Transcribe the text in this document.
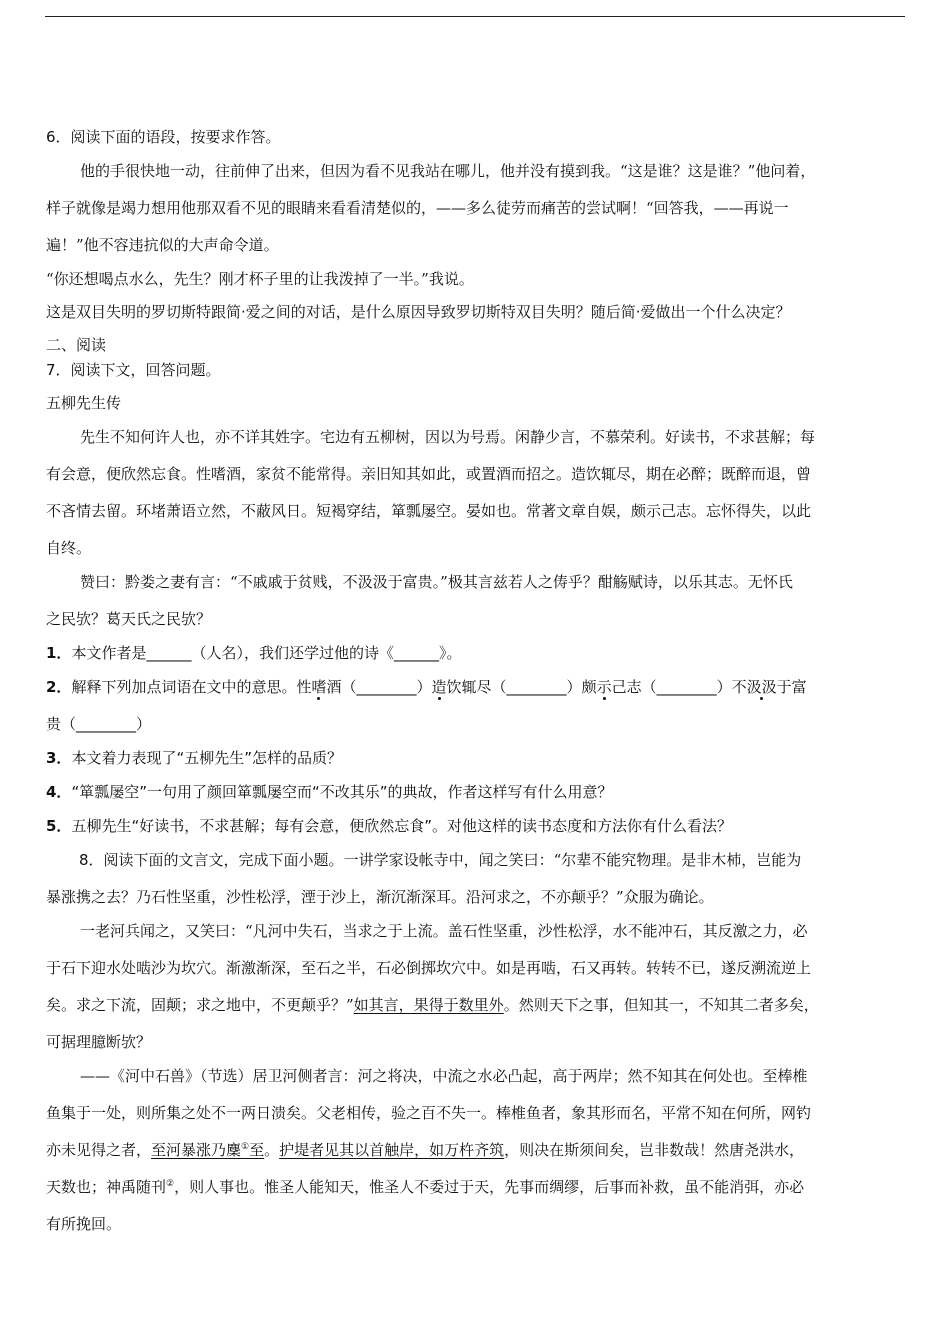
6．阅读下面的语段，按要求作答。
他的手很快地一动，往前伸了出来，但因为看不见我站在哪儿，他并没有摸到我。“这是谁？这是谁？”他问着，
样子就像是竭力想用他那双看不见的眼睛来看看清楚似的，——多么徒劳而痛苦的尝试啊！“回答我，——再说一
遍！”他不容违抗似的大声命令道。
“你还想喝点水么，先生？刚才杯子里的让我泼掉了一半。”我说。
这是双目失明的罗切斯特跟简·爱之间的对话，是什么原因导致罗切斯特双目失明？随后简·爱做出一个什么决定？
二、阅读
7．阅读下文，回答问题。
五柳先生传
先生不知何许人也，亦不详其姓字。宅边有五柳树，因以为号焉。闲静少言，不慕荣利。好读书，不求甚解；每
有会意，便欣然忘食。性嗜酒，家贫不能常得。亲旧知其如此，或置酒而招之。造饮辄尽，期在必醉；既醉而退，曾
不吝情去留。环堵萧语立然，不蔽风日。短褐穿结，箪瓢屡空。晏如也。常著文章自娱，颇示己志。忘怀得失，以此
自终。
赞曰：黔娄之妻有言：“不戚戚于贫贱，不汲汲于富贵。”极其言兹若人之俦乎？酣觞赋诗，以乐其志。无怀氏
之民欤？葛天氏之民欤？
1．本文作者是______（人名），我们还学过他的诗《______》。
2．解释下列加点词语在文中的意思。性嗜酒（________）造饮辄尽（________）颇示己志（________）不汲汲于富
贵（________）
3．本文着力表现了“五柳先生”怎样的品质？
4．“箪瓢屡空”一句用了颜回箪瓢屡空而“不改其乐”的典故，作者这样写有什么用意？
5．五柳先生“好读书，不求甚解；每有会意，便欣然忘食”。对他这样的读书态度和方法你有什么看法？
8．阅读下面的文言文，完成下面小题。一讲学家设帐寺中，闻之笑曰：“尔辈不能究物理。是非木杮，岂能为
暴涨携之去？乃石性坚重，沙性松浮，湮于沙上，渐沉渐深耳。沿河求之，不亦颠乎？”众服为确论。
一老河兵闻之，又笑曰：“凡河中失石，当求之于上流。盖石性坚重，沙性松浮，水不能冲石，其反激之力，必
于石下迎水处啮沙为坎穴。渐激渐深，至石之半，石必倒掷坎穴中。如是再啮，石又再转。转转不已，遂反溯流逆上
矣。求之下流，固颠；求之地中，不更颠乎？”如其言，果得于数里外。然则天下之事，但知其一，不知其二者多矣，
可据理臆断欤？
——《河中石兽》（节选）居卫河侧者言：河之将决，中流之水必凸起，高于两岸；然不知其在何处也。至棒椎
鱼集于一处，则所集之处不一两日溃矣。父老相传，验之百不失一。棒椎鱼者，象其形而名，平常不知在何所，网钓
亦未见得之者，至河暴涨乃麇①至。护堤者见其以首触岸，如万杵齐筑，则决在斯须间矣，岂非数哉！然唐尧洪水，
天数也；神禹随刊②，则人事也。惟圣人能知天，惟圣人不委过于天，先事而绸缪，后事而补救，虽不能消弭，亦必
有所挽回。
